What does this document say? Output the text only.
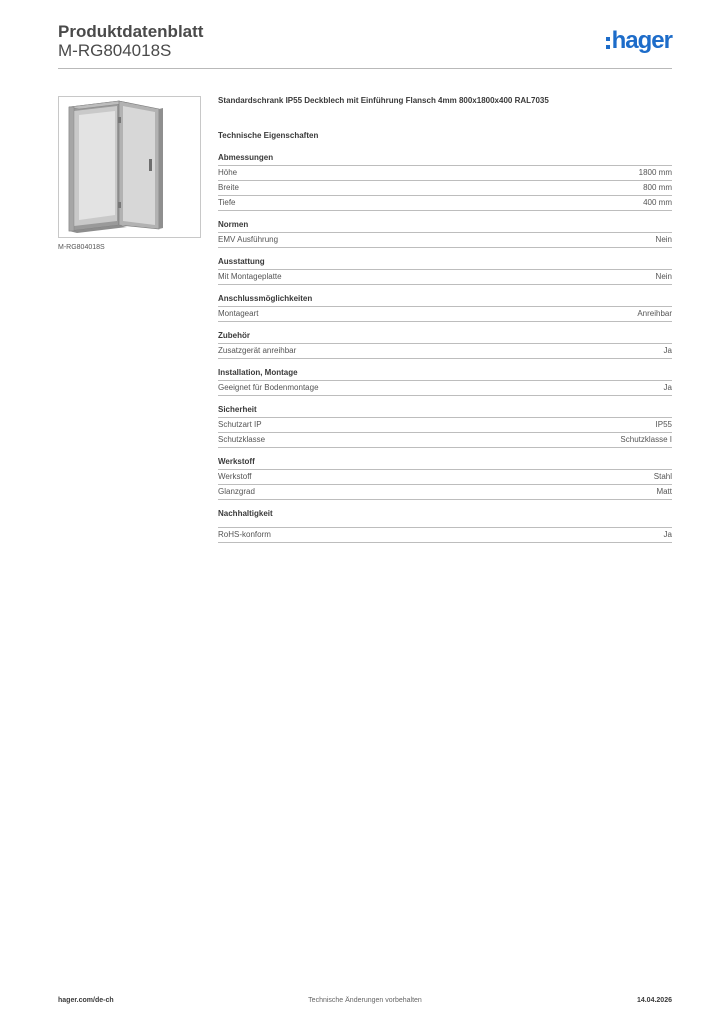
Produktdatenblatt
M-RG804018S	hager
M-RG804018S
Standardschrank IP55 Deckblech mit Einführung Flansch 4mm 800x1800x400 RAL7035
Technische Eigenschaften
Abmessungen
Höhe	1800 mm
Breite	800 mm
Tiefe	400 mm
Normen
EMV Ausführung	Nein
Ausstattung
Mit Montageplatte	Nein
Anschlussmöglichkeiten
Montageart	Anreihbar
Zubehör
Zusatzgerät anreihbar	Ja
Installation, Montage
Geeignet für Bodenmontage	Ja
Sicherheit
Schutzart IP	IP55
Schutzklasse	Schutzklasse I
Werkstoff
Werkstoff	Stahl
Glanzgrad	Matt
Nachhaltigkeit
RoHS-konform	Ja
Technische Änderungen vorbehalten
hager.com/de-ch	14.04.2026
